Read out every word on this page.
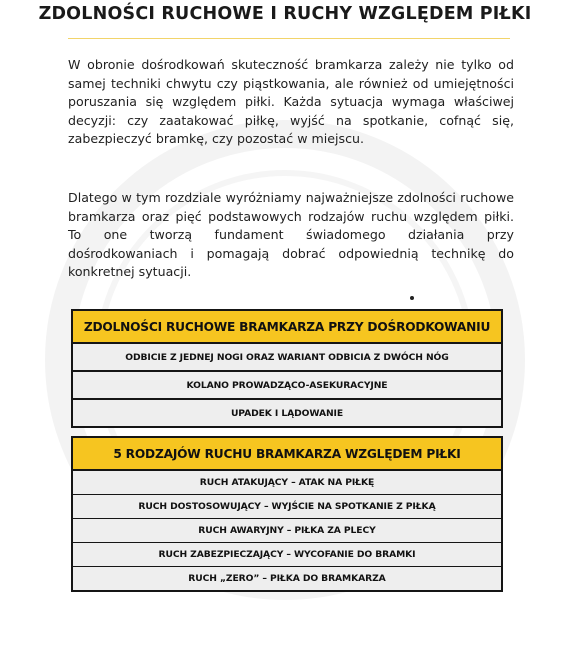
ZDOLNOŚCI RUCHOWE I RUCHY WZGLĘDEM PIŁKI

W obronie dośrodkowań skuteczność bramkarza zależy nie tylko od samej techniki chwytu czy piąstkowania, ale również od umiejętności poruszania się względem piłki. Każda sytuacja wymaga właściwej decyzji: czy zaatakować piłkę, wyjść na spotkanie, cofnąć się, zabezpieczyć bramkę, czy pozostać w miejscu.

Dlatego w tym rozdziale wyróżniamy najważniejsze zdolności ruchowe bramkarza oraz pięć podstawowych rodzajów ruchu względem piłki. To one tworzą fundament świadomego działania przy dośrodkowaniach i pomagają dobrać odpowiednią technikę do konkretnej sytuacji.

ZDOLNOŚCI RUCHOWE BRAMKARZA PRZY DOŚRODKOWANIU
ODBICIE Z JEDNEJ NOGI ORAZ WARIANT ODBICIA Z DWÓCH NÓG
KOLANO PROWADZĄCO-ASEKURACYJNE
UPADEK I LĄDOWANIE
5 RODZAJÓW RUCHU BRAMKARZA WZGLĘDEM PIŁKI
RUCH ATAKUJĄCY – ATAK NA PIŁKĘ
RUCH DOSTOSOWUJĄCY – WYJŚCIE NA SPOTKANIE Z PIŁKĄ
RUCH AWARYJNY – PIŁKA ZA PLECY
RUCH ZABEZPIECZAJĄCY – WYCOFANIE DO BRAMKI
RUCH „ZERO” – PIŁKA DO BRAMKARZA
